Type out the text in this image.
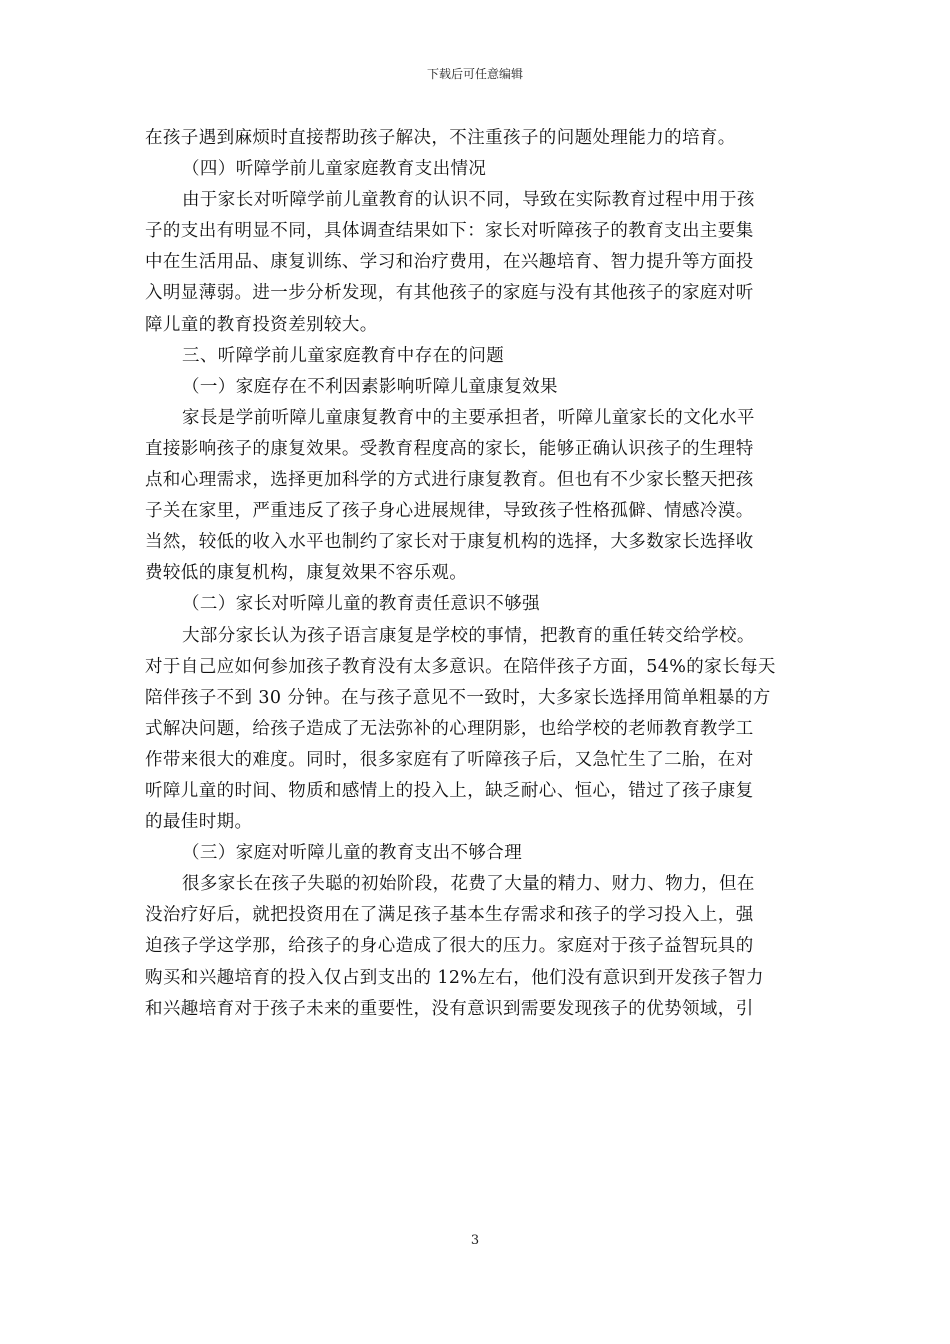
下载后可任意编辑
在孩子遇到麻烦时直接帮助孩子解决，不注重孩子的问题处理能力的培育。
（四）听障学前儿童家庭教育支出情况
由于家长对听障学前儿童教育的认识不同，导致在实际教育过程中用于孩
子的支出有明显不同，具体调查结果如下：家长对听障孩子的教育支出主要集
中在生活用品、康复训练、学习和治疗费用，在兴趣培育、智力提升等方面投
入明显薄弱。进一步分析发现，有其他孩子的家庭与没有其他孩子的家庭对听
障儿童的教育投资差别较大。
三、听障学前儿童家庭教育中存在的问题
（一）家庭存在不利因素影响听障儿童康复效果
家長是学前听障儿童康复教育中的主要承担者，听障儿童家长的文化水平
直接影响孩子的康复效果。受教育程度高的家长，能够正确认识孩子的生理特
点和心理需求，选择更加科学的方式进行康复教育。但也有不少家长整天把孩
子关在家里，严重违反了孩子身心进展规律，导致孩子性格孤僻、情感冷漠。
当然，较低的收入水平也制约了家长对于康复机构的选择，大多数家长选择收
费较低的康复机构，康复效果不容乐观。
（二）家长对听障儿童的教育责任意识不够强
大部分家长认为孩子语言康复是学校的事情，把教育的重任转交给学校。
对于自己应如何参加孩子教育没有太多意识。在陪伴孩子方面，54%的家长每天
陪伴孩子不到 30 分钟。在与孩子意见不一致时，大多家长选择用简单粗暴的方
式解决问题，给孩子造成了无法弥补的心理阴影，也给学校的老师教育教学工
作带来很大的难度。同时，很多家庭有了听障孩子后，又急忙生了二胎，在对
听障儿童的时间、物质和感情上的投入上，缺乏耐心、恒心，错过了孩子康复
的最佳时期。
（三）家庭对听障儿童的教育支出不够合理
很多家长在孩子失聪的初始阶段，花费了大量的精力、财力、物力，但在
没治疗好后，就把投资用在了满足孩子基本生存需求和孩子的学习投入上，强
迫孩子学这学那，给孩子的身心造成了很大的压力。家庭对于孩子益智玩具的
购买和兴趣培育的投入仅占到支出的 12%左右，他们没有意识到开发孩子智力
和兴趣培育对于孩子未来的重要性，没有意识到需要发现孩子的优势领域，引
3
